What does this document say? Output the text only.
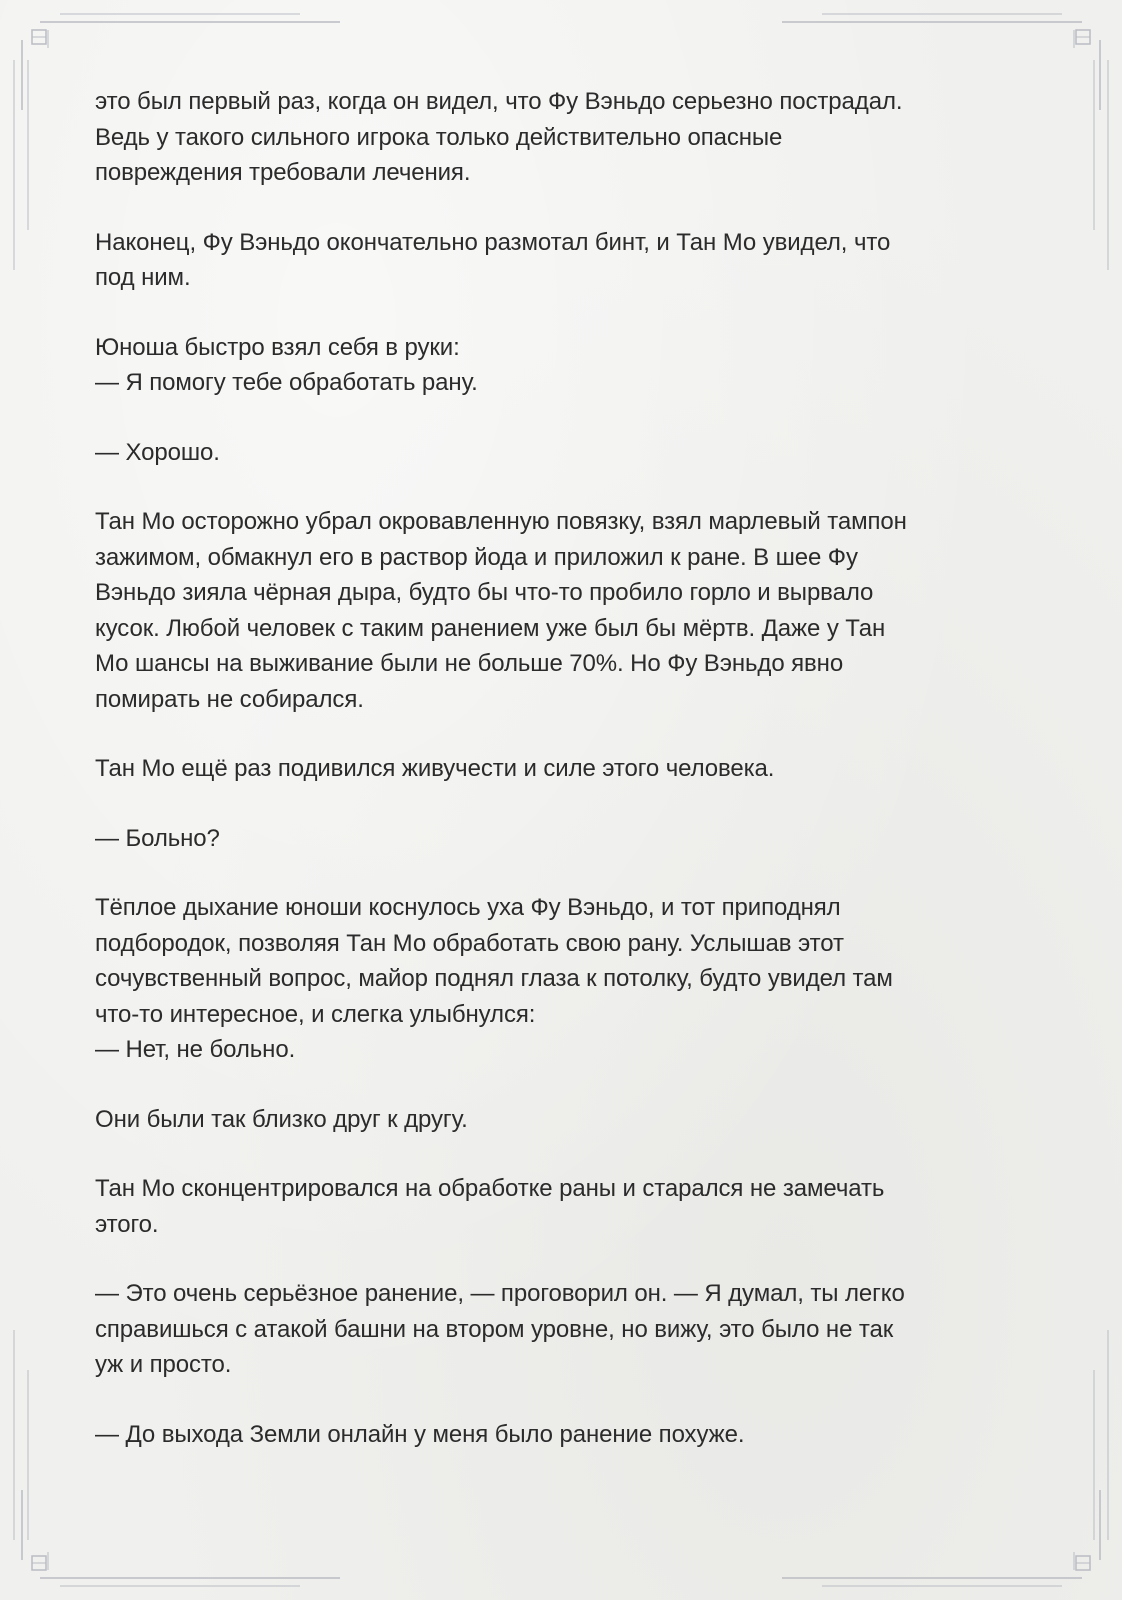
это был первый раз, когда он видел, что Фу Вэньдо серьезно пострадал.
Ведь у такого сильного игрока только действительно опасные
повреждения требовали лечения.

Наконец, Фу Вэньдо окончательно размотал бинт, и Тан Мо увидел, что
под ним.

Юноша быстро взял себя в руки:
— Я помогу тебе обработать рану.

— Хорошо.

Тан Мо осторожно убрал окровавленную повязку, взял марлевый тампон
зажимом, обмакнул его в раствор йода и приложил к ране. В шее Фу
Вэньдо зияла чёрная дыра, будто бы что-то пробило горло и вырвало
кусок. Любой человек с таким ранением уже был бы мёртв. Даже у Тан
Мо шансы на выживание были не больше 70%. Но Фу Вэньдо явно
помирать не собирался.

Тан Мо ещё раз подивился живучести и силе этого человека.

— Больно?

Тёплое дыхание юноши коснулось уха Фу Вэньдо, и тот приподнял
подбородок, позволяя Тан Мо обработать свою рану. Услышав этот
сочувственный вопрос, майор поднял глаза к потолку, будто увидел там
что-то интересное, и слегка улыбнулся:
— Нет, не больно.

Они были так близко друг к другу.

Тан Мо сконцентрировался на обработке раны и старался не замечать
этого.

— Это очень серьёзное ранение, — проговорил он. — Я думал, ты легко
справишься с атакой башни на втором уровне, но вижу, это было не так
уж и просто.

— До выхода Земли онлайн у меня было ранение похуже.
